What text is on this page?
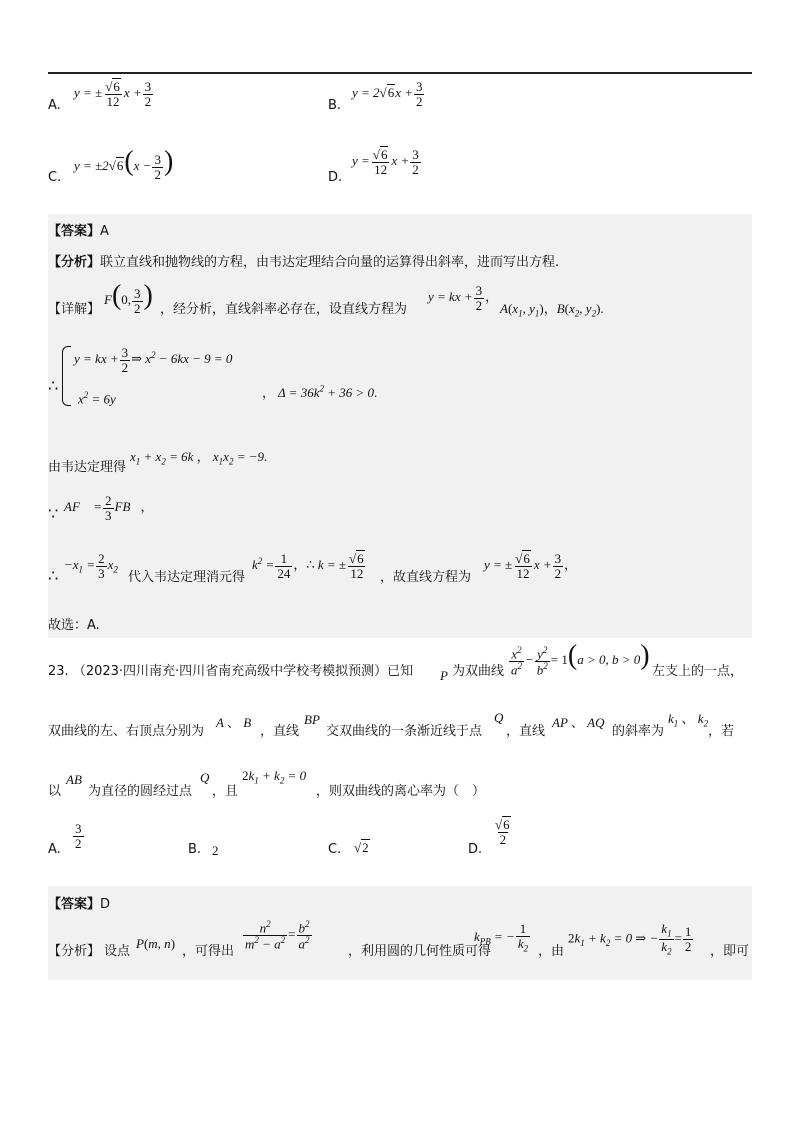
A.
y = ± $\frac{√6}{12}$ $x + \frac{3}{2}$	B.
$y = 2√6x + \frac{3}{2}$
C.
$y = \pm 2√6(x - \frac{3}{2}$ )
D.
$y = \frac{√6}{12}$ $x + \frac{3}{2}$
【答案】A
【分析】联立直线和抛物线的方程，由韦达定理结合向量的运算得出斜率，进而写出方程.
【详解】
F(0, $\frac{3}{2}$ ) ，经分析，直线斜率必存在，设直线方程为
y = kx + $\frac{3}{2}$ ，
$A(x_1$, $y_1$)，$B(x_2$, $y_2$).
∴
y = kx + $\frac{3}{2}$ ⇒ $x^2 - 6kx - 9 = 0$
$x^2 = 6y$	， $\Delta = 36k^2 + 36 > 0$.
由韦达定理得
$x_1 + x_2 = 6k$ ， $x_1x_2 = -9$.
∵ AF⃗ = $\frac{2}{3}$ FB⃗，
∴
$-x_1 = \frac{2}{3} x_2$
代入韦达定理消元得
$k^2 = \frac{1}{24}$ ，∴ k = ± $\frac{√6}{12}$ ，故直线方程为
y = ± $\frac{√6}{12}$ $x + \frac{3}{2}$ ，
故选：A.
23. （2023·四川南充·四川省南充高级中学校考模拟预测）已知 P 为双曲线 $\frac{x^2}{a^2} - \frac{y^2}{b^2} = 1(a > 0$, b > 0)
左支上的一点，
双曲线的左、右顶点分别为
A 、 B
，直线
BP
交双曲线的一条渐近线于点
Q
，直线
AP 、 AQ
的斜率为
$k_1$ 、 $k_2$
，若
以
AB
为直径的圆经过点
Q
，且
$2k_1 + k_2 = 0$
，则双曲线的离心率为（　）
A. $\frac{3}{2}$	B. 2	C. √2	D.
$\frac{√6}{2}$
【答案】D
【分析】 设点
P(m, n)
，可得出
$\frac{n^2}{m^2 - a^2} = \frac{b^2}{a^2}$
，利用圆的几何性质可得
$k_{PB}$ = − $\frac{1}{k_2}$ ，由
$2k_1 + k_2 = 0$ ⇒ − $\frac{k_1}{k_2} = \frac{1}{2}$ ，即可
